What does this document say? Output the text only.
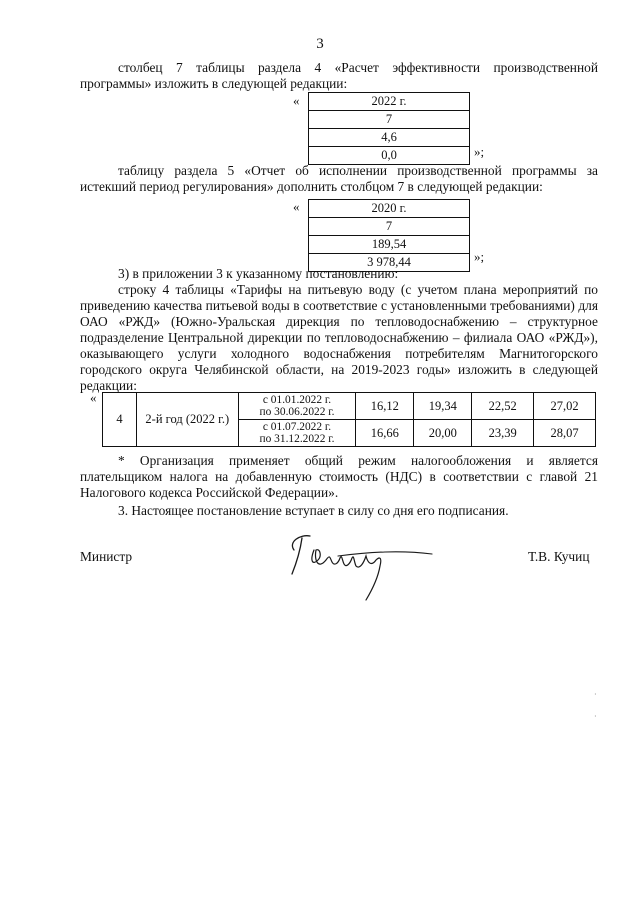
3
столбец 7 таблицы раздела 4 «Расчет эффективности производственной программы» изложить в следующей редакции:
«	2022 г.
7
4,6
0,0	»;
таблицу раздела 5 «Отчет об исполнении производственной программы за истекший период регулирования» дополнить столбцом 7 в следующей редакции:
«	2020 г.
7
189,54
3 978,44	»;
3) в приложении 3 к указанному постановлению:
строку 4 таблицы «Тарифы на питьевую воду (с учетом плана мероприятий по приведению качества питьевой воды в соответствие с установленными требованиями) для ОАО «РЖД» (Южно-Уральская дирекция по тепловодоснабжению – структурное подразделение Центральной дирекции по тепловодоснабжению – филиала ОАО «РЖД»), оказывающего услуги холодного водоснабжения потребителям Магнитогорского городского округа Челябинской области, на 2019-2023 годы» изложить в следующей редакции:
«
4	2-й год (2022 г.)	с 01.01.2022 г.
по 30.06.2022 г.	16,12	19,34	22,52	27,02

		с 01.07.2022 г.
по 31.12.2022 г.	16,66	20,00	23,39	28,07
* Организация применяет общий режим налогообложения и является плательщиком налога на добавленную стоимость (НДС) в соответствии с главой 21 Налогового кодекса Российской Федерации».
3. Настоящее постановление вступает в силу со дня его подписания.
Министр	Т.В. Кучиц
·
·
